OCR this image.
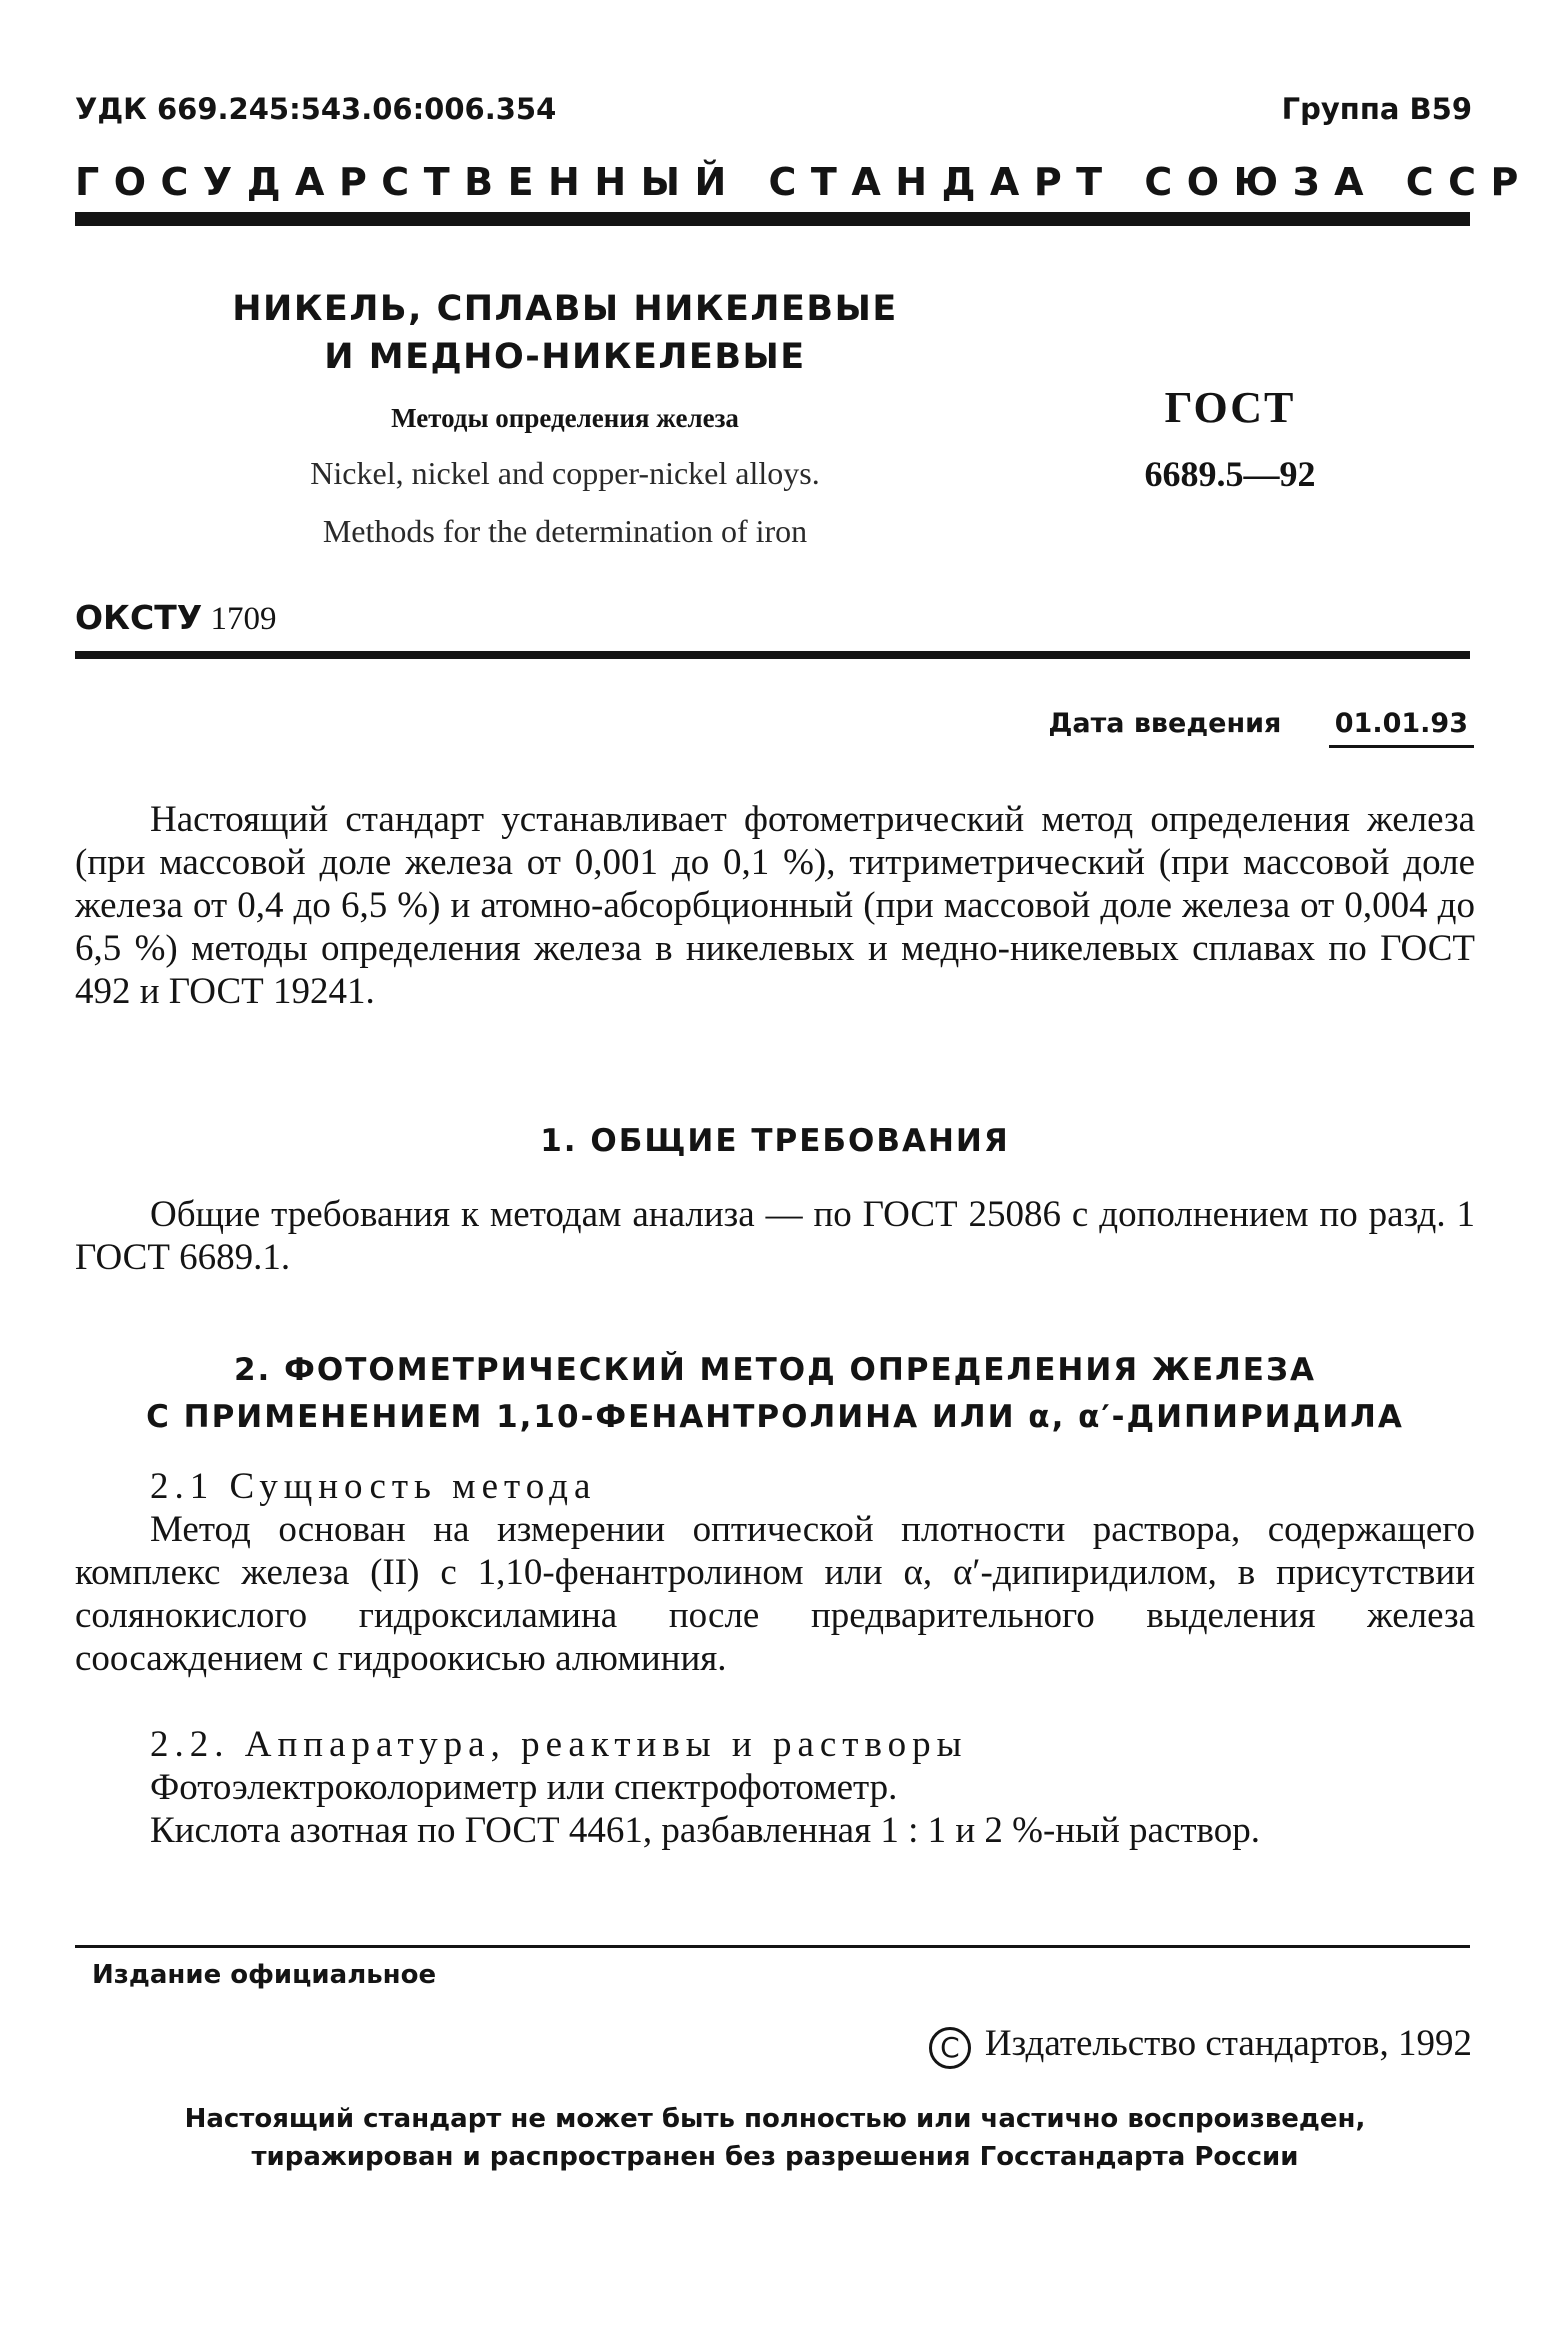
УДК 669.245:543.06:006.354	Группа В59
ГОСУДАРСТВЕННЫЙ СТАНДАРТ СОЮЗА ССР
НИКЕЛЬ, СПЛАВЫ НИКЕЛЕВЫЕ
И МЕДНО-НИКЕЛЕВЫЕ
Методы определения железа
Nickel, nickel and copper-nickel alloys.
Methods for the determination of iron
ГОСТ
6689.5—92
ОКСТУ 1709
Дата введения 01.01.93
Настоящий стандарт устанавливает фотометрический метод определения железа (при массовой доле железа от 0,001 до 0,1 %), титриметрический (при массовой доле железа от 0,4 до 6,5 %) и атомно-абсорбционный (при массовой доле железа от 0,004 до 6,5 %) методы определения железа в никелевых и медно-никелевых сплавах по ГОСТ 492 и ГОСТ 19241.
1. ОБЩИЕ ТРЕБОВАНИЯ
Общие требования к методам анализа — по ГОСТ 25086 с дополнением по разд. 1 ГОСТ 6689.1.
2. ФОТОМЕТРИЧЕСКИЙ МЕТОД ОПРЕДЕЛЕНИЯ ЖЕЛЕЗА
С ПРИМЕНЕНИЕМ 1,10-ФЕНАНТРОЛИНА ИЛИ α, α′-ДИПИРИДИЛА
2.1 Сущность метода
Метод основан на измерении оптической плотности раствора, содержащего комплекс железа (II) с 1,10-фенантролином или α, α′-дипиридилом, в присутствии солянокислого гидроксиламина после предварительного выделения железа соосаждением с гидроокисью алюминия.
2.2. Аппаратура, реактивы и растворы
Фотоэлектроколориметр или спектрофотометр.
Кислота азотная по ГОСТ 4461, разбавленная 1 : 1 и 2 %-ный раствор.
Издание официальное
C Издательство стандартов, 1992
Настоящий стандарт не может быть полностью или частично воспроизведен,
тиражирован и распространен без разрешения Госстандарта России
